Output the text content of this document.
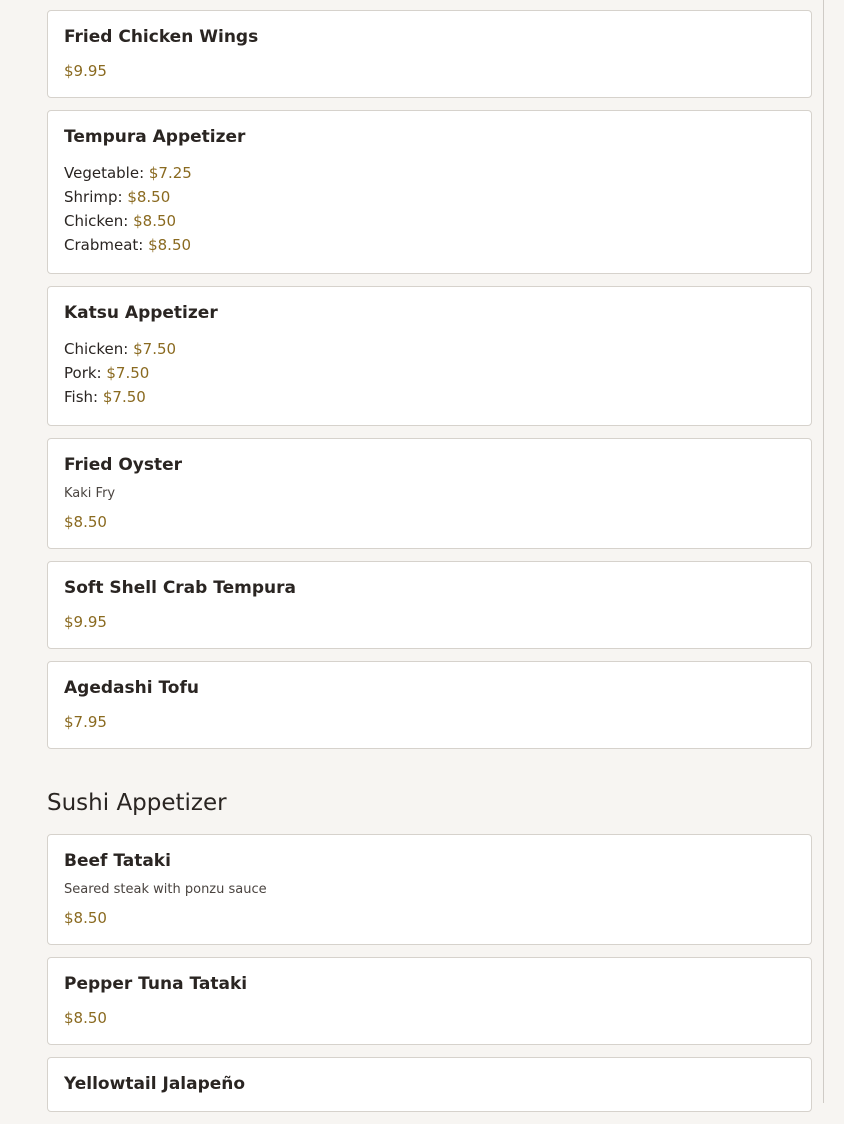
Fried Chicken Wings
$9.95
Tempura Appetizer
Vegetable: $7.25
Shrimp: $8.50
Chicken: $8.50
Crabmeat: $8.50
Katsu Appetizer
Chicken: $7.50
Pork: $7.50
Fish: $7.50
Fried Oyster
Kaki Fry
$8.50
Soft Shell Crab Tempura
$9.95
Agedashi Tofu
$7.95
Sushi Appetizer
Beef Tataki
Seared steak with ponzu sauce
$8.50
Pepper Tuna Tataki
$8.50
Yellowtail Jalapeño
